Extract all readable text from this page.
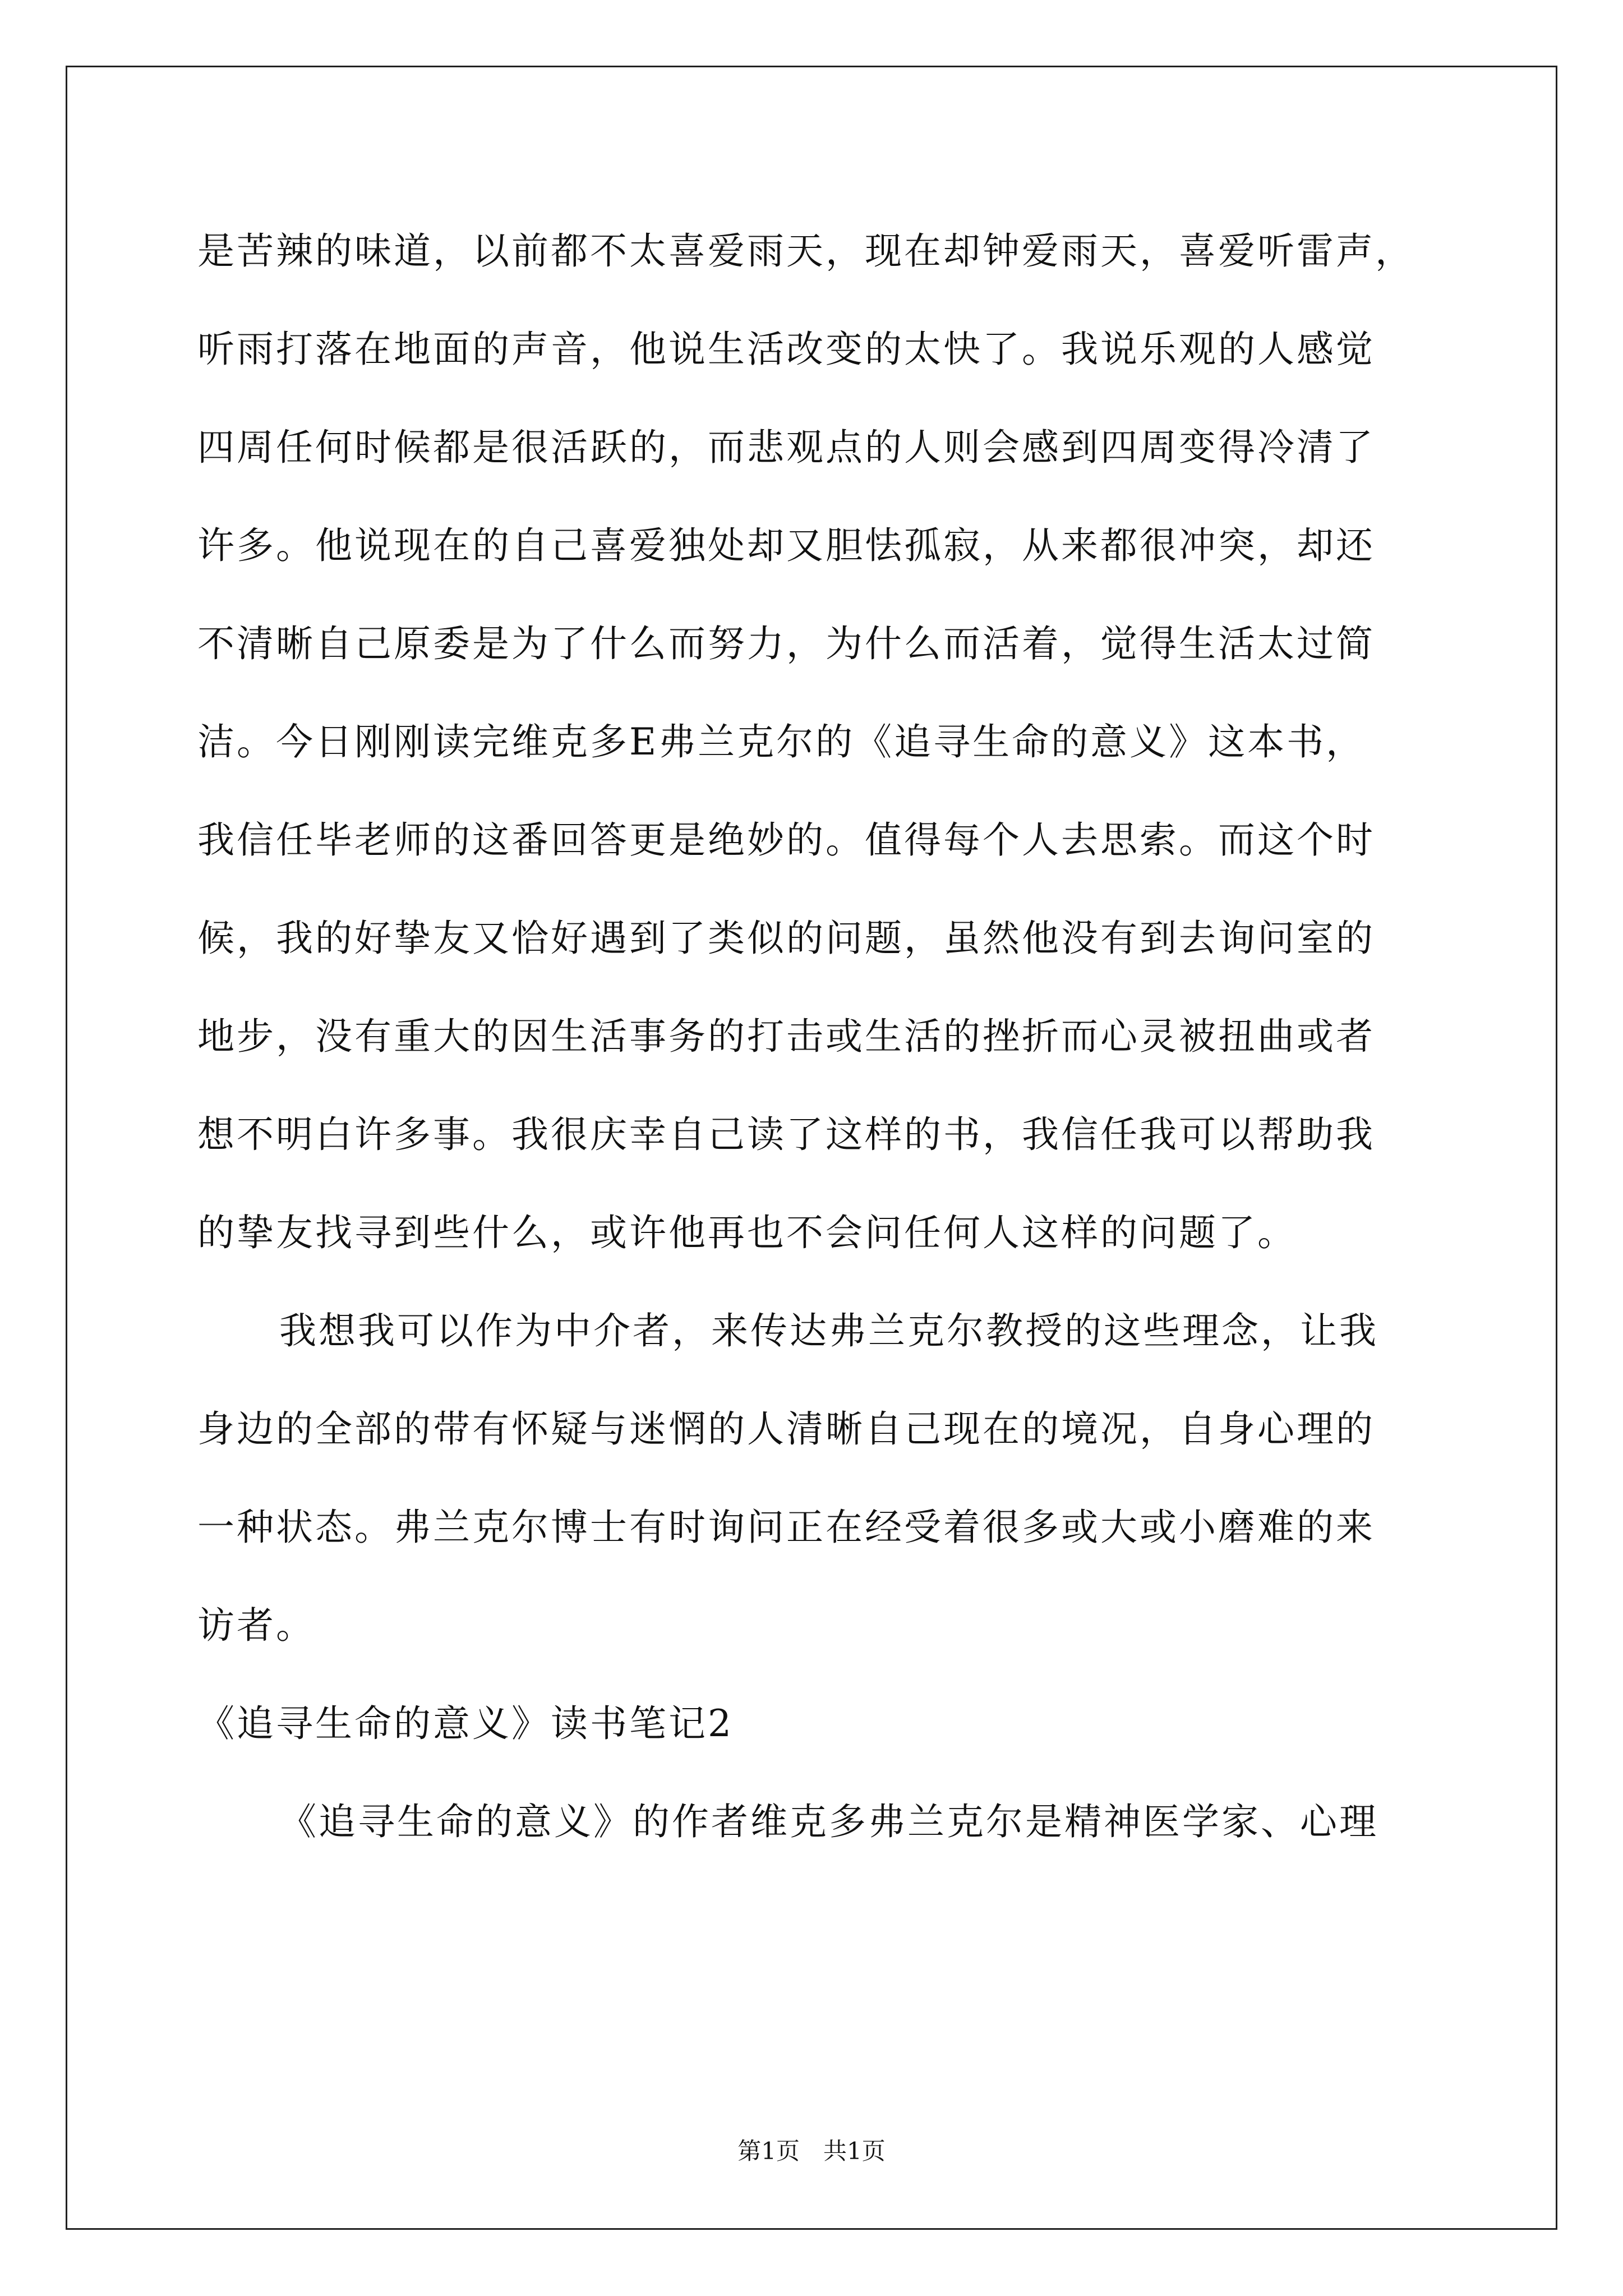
是苦辣的味道，以前都不太喜爱雨天，现在却钟爱雨天，喜爱听雷声，
听雨打落在地面的声音，他说生活改变的太快了。我说乐观的人感觉
四周任何时候都是很活跃的，而悲观点的人则会感到四周变得冷清了
许多。他说现在的自己喜爱独处却又胆怯孤寂，从来都很冲突，却还
不清晰自己原委是为了什么而努力，为什么而活着，觉得生活太过简
洁。今日刚刚读完维克多E弗兰克尔的《追寻生命的意义》这本书，
我信任毕老师的这番回答更是绝妙的。值得每个人去思索。而这个时
候，我的好挚友又恰好遇到了类似的问题，虽然他没有到去询问室的
地步，没有重大的因生活事务的打击或生活的挫折而心灵被扭曲或者
想不明白许多事。我很庆幸自己读了这样的书，我信任我可以帮助我
的挚友找寻到些什么，或许他再也不会问任何人这样的问题了。
我想我可以作为中介者，来传达弗兰克尔教授的这些理念，让我
身边的全部的带有怀疑与迷惘的人清晰自己现在的境况，自身心理的
一种状态。弗兰克尔博士有时询问正在经受着很多或大或小磨难的来
访者。
《追寻生命的意义》读书笔记2
《追寻生命的意义》的作者维克多弗兰克尔是精神医学家、心理
第1页 共1页
